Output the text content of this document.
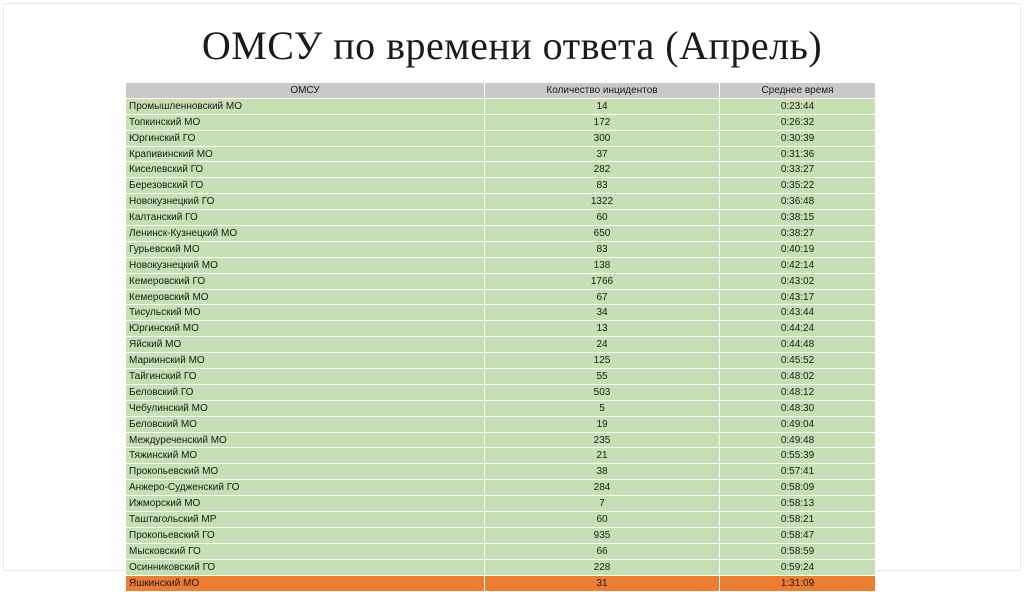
ОМСУ по времени ответа (Апрель)
ОМСУ	Количество инцидентов	Среднее время
Промышленновский МО	14	0:23:44
Топкинский МО	172	0:26:32
Юргинский ГО	300	0:30:39
Крапивинский МО	37	0:31:36
Киселевский ГО	282	0:33:27
Березовский ГО	83	0:35:22
Новокузнецкий ГО	1322	0:36:48
Калтанский ГО	60	0:38:15
Ленинск-Кузнецкий МО	650	0:38:27
Гурьевский МО	83	0:40:19
Новокузнецкий МО	138	0:42:14
Кемеровский ГО	1766	0:43:02
Кемеровский МО	67	0:43:17
Тисульский МО	34	0:43:44
Юргинский МО	13	0:44:24
Яйский МО	24	0:44:48
Мариинский МО	125	0:45:52
Тайгинский ГО	55	0:48:02
Беловский ГО	503	0:48:12
Чебулинский МО	5	0:48:30
Беловский МО	19	0:49:04
Междуреченский МО	235	0:49:48
Тяжинский МО	21	0:55:39
Прокопьевский МО	38	0:57:41
Анжеро-Судженский ГО	284	0:58:09
Ижморский МО	7	0:58:13
Таштагольский МР	60	0:58:21
Прокопьевский ГО	935	0:58:47
Мысковский ГО	66	0:58:59
Осинниковский ГО	228	0:59:24
Яшкинский МО	31	1:31:09
